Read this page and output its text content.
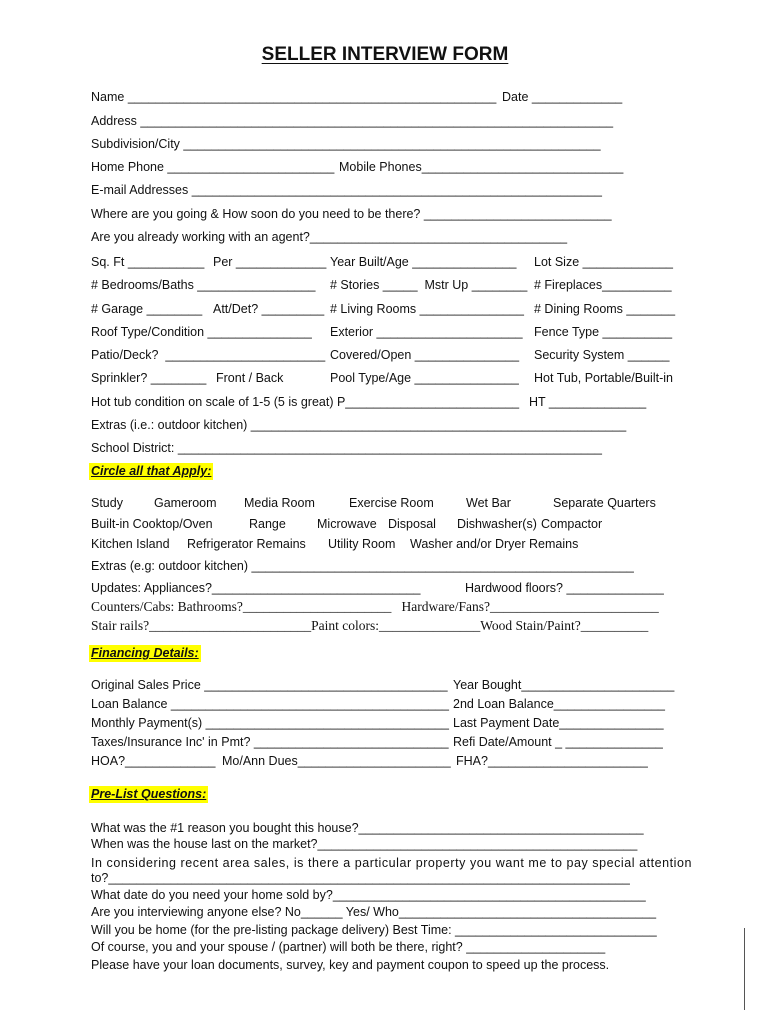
SELLER INTERVIEW FORM
Name _____________________________________________________ Date _____________
Address ____________________________________________________________________
Subdivision/City ____________________________________________________________
Home Phone ________________________ Mobile Phones_____________________________
E-mail Addresses ___________________________________________________________
Where are you going & How soon do you need to be there? ___________________________
Are you already working with an agent?_____________________________________
Sq. Ft ___________ Per _____________ Year Built/Age _______________ Lot Size _____________
# Bedrooms/Baths _________________ # Stories _____  Mstr Up ________ # Fireplaces__________
# Garage ________ Att/Det? _________ # Living Rooms _______________ # Dining Rooms _______
Roof Type/Condition _______________ Exterior _____________________ Fence Type __________
Patio/Deck?  _______________________ Covered/Open _______________ Security System ______
Sprinkler? ________ Front / Back	Pool Type/Age _______________ Hot Tub, Portable/Built-in
Hot tub condition on scale of 1-5 (5 is great) P_________________________ HT ______________
Extras (i.e.: outdoor kitchen) ______________________________________________________
School District: _____________________________________________________________
Circle all that Apply:
Study Gameroom Media Room	Exercise Room	Wet Bar	Separate Quarters
Built-in Cooktop/Oven	Range Microwave Disposal Dishwasher(s) Compactor
Kitchen Island Refrigerator Remains Utility Room Washer and/or Dryer Remains
Extras (e.g: outdoor kitchen) _______________________________________________________
Updates: Appliances?______________________________	Hardwood floors? ______________
Counters/Cabs: Bathrooms?______________________   Hardware/Fans?_________________________
Stair rails?________________________Paint colors:_______________Wood Stain/Paint?__________
Financing Details:
Original Sales Price ___________________________________ Year Bought______________________
Loan Balance ________________________________________ 2nd Loan Balance________________
Monthly Payment(s) ___________________________________ Last Payment Date_______________
Taxes/Insurance Inc' in Pmt? ____________________________ Refi Date/Amount _ ______________
HOA?_____________ Mo/Ann Dues______________________ FHA?_______________________
Pre-List Questions:
What was the #1 reason you bought this house?_________________________________________
When was the house last on the market?______________________________________________
In considering recent area sales, is there a particular property you want me to pay special attention
to?___________________________________________________________________________
What date do you need your home sold by?_____________________________________________
Are you interviewing anyone else? No______ Yes/ Who_____________________________________
Will you be home (for the pre-listing package delivery) Best Time: _____________________________
Of course, you and your spouse / (partner) will both be there, right? ____________________
Please have your loan documents, survey, key and payment coupon to speed up the process.
